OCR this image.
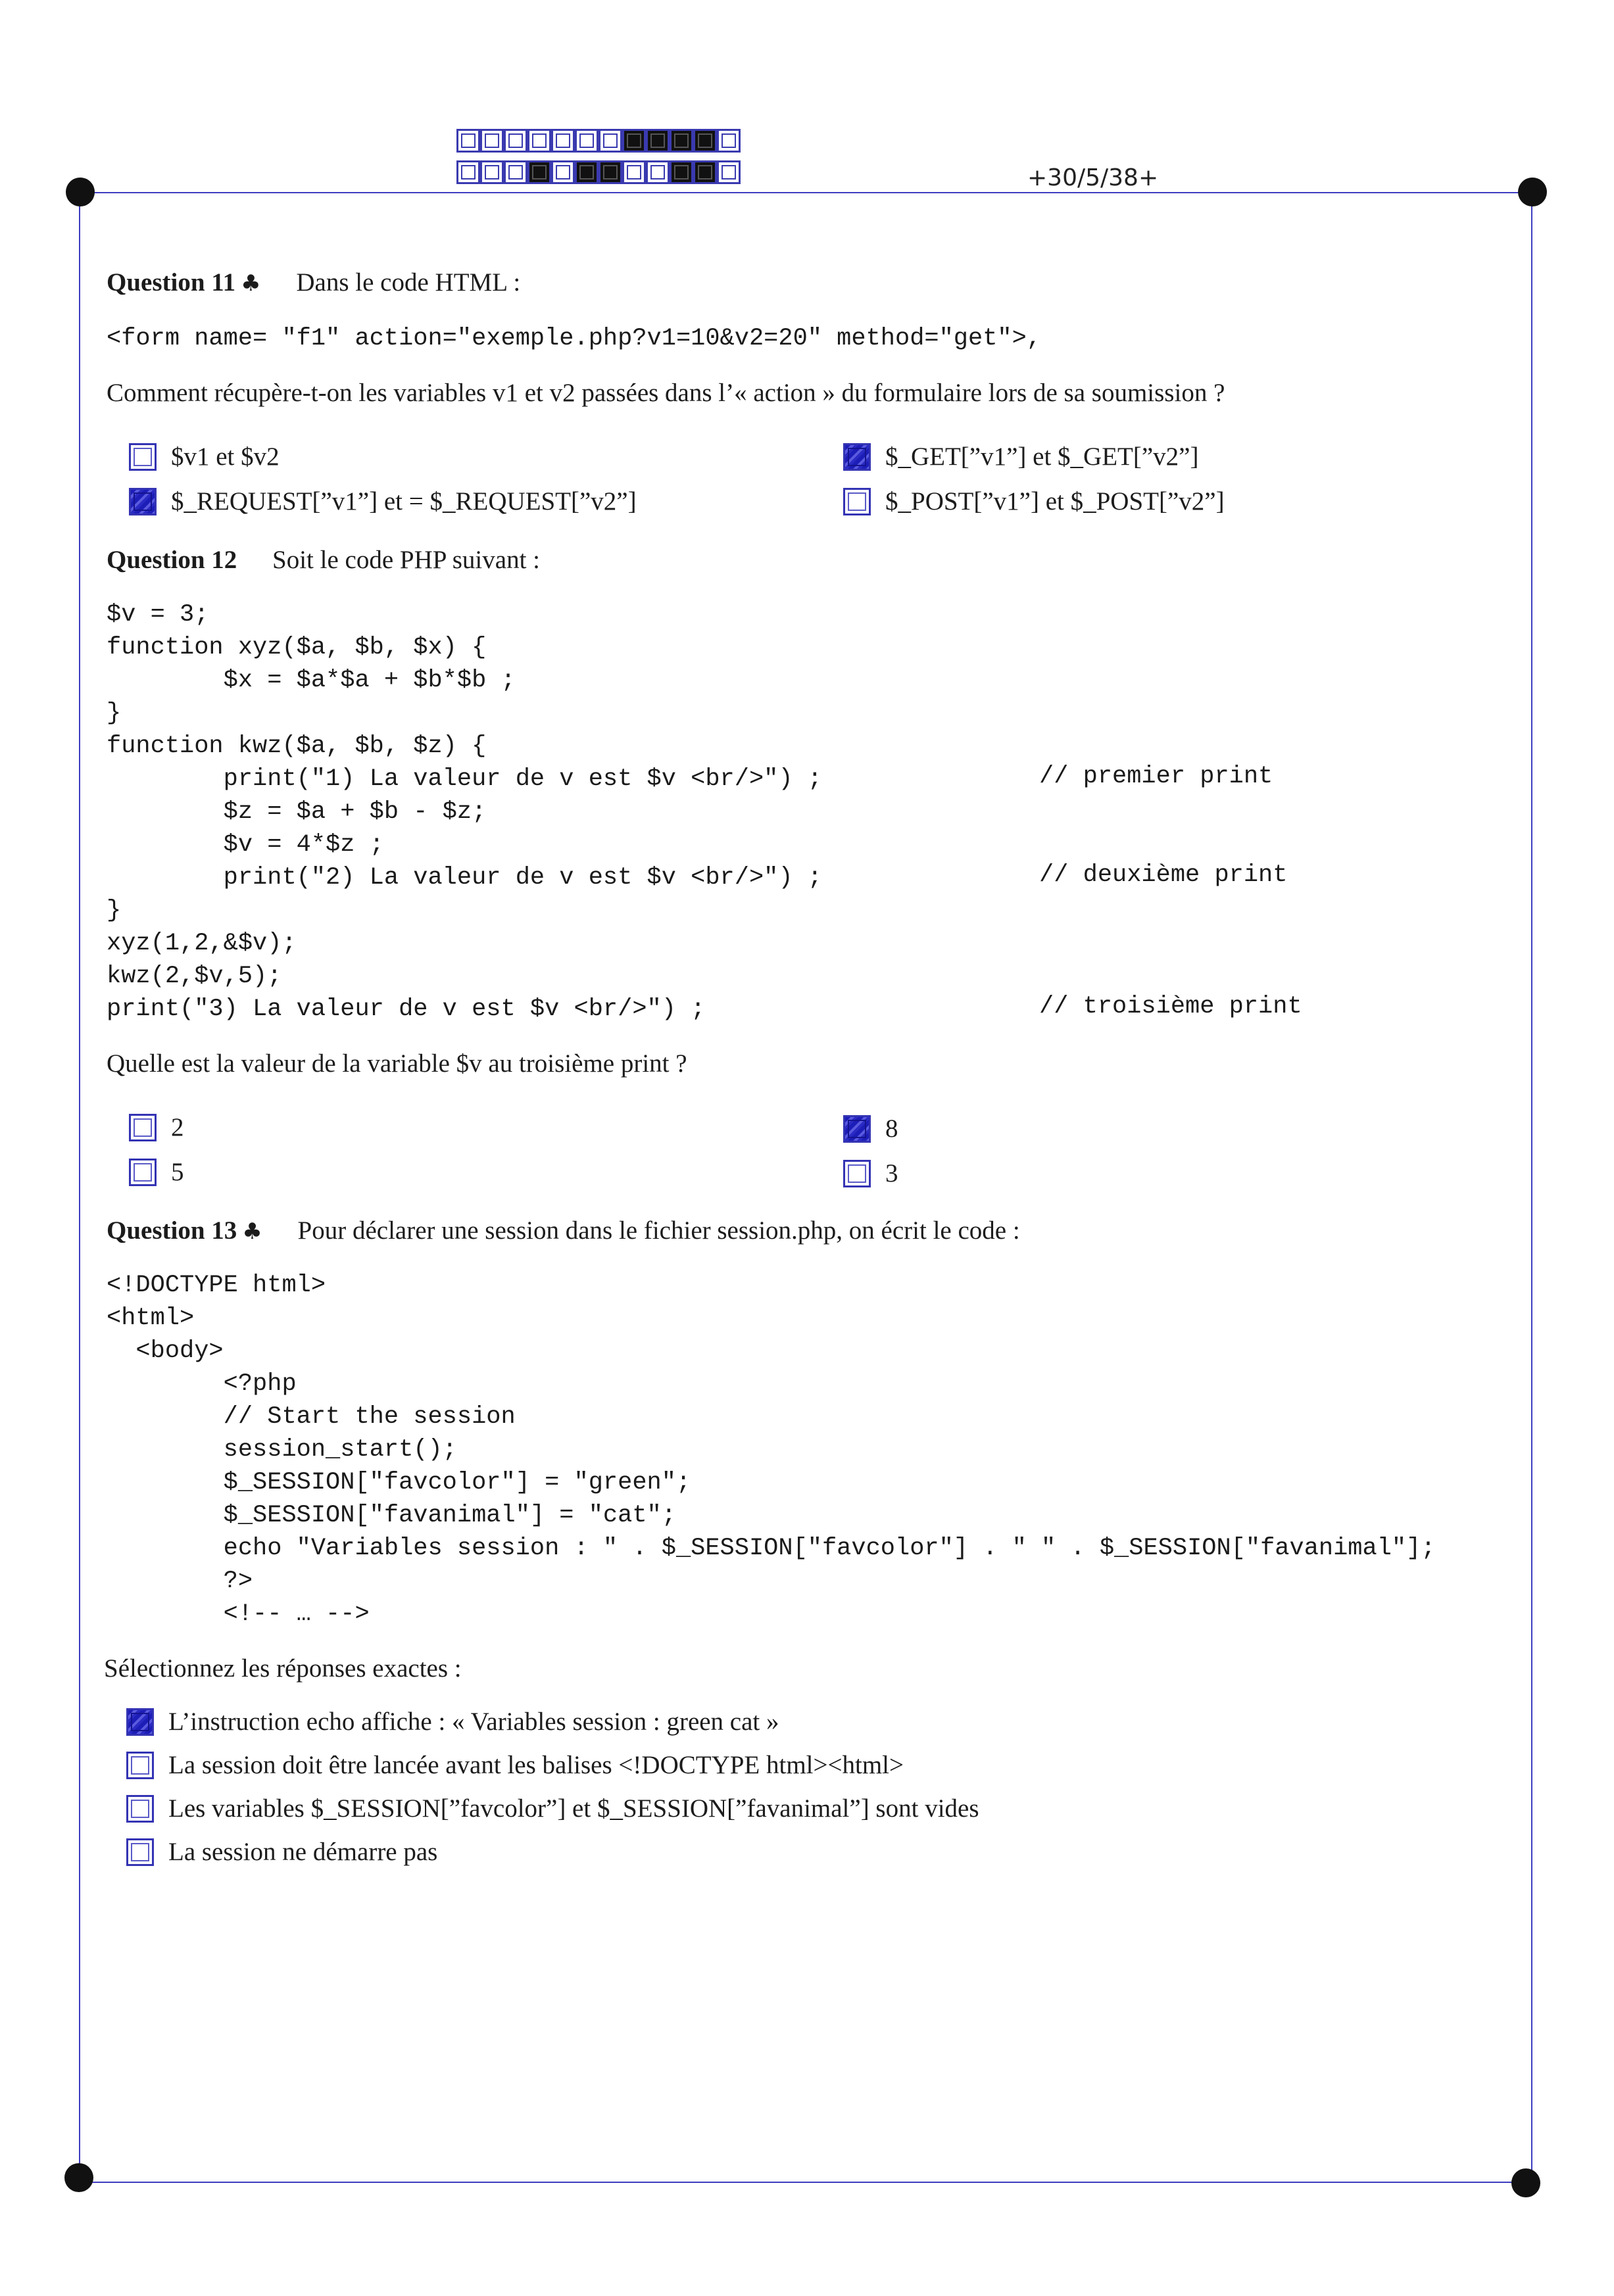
+30/5/38+
Question 11 ♣ Dans le code HTML :
<form name= "f1" action="exemple.php?v1=10&v2=20" method="get">,
Comment récupère-t-on les variables v1 et v2 passées dans l’« action » du formulaire lors de sa soumission ?
$v1 et $v2	$_GET[”v1”] et $_GET[”v2”]
$_REQUEST[”v1”] et = $_REQUEST[”v2”]	$_POST[”v1”] et $_POST[”v2”]
Question 12 Soit le code PHP suivant :
$v = 3;
function xyz($a, $b, $x) {
$x = $a*$a + $b*$b ;
}
function kwz($a, $b, $z) {
print("1) La valeur de v est $v <br/>") ;
$z = $a + $b - $z;
$v = 4*$z ;
print("2) La valeur de v est $v <br/>") ;
}
xyz(1,2,&$v);
kwz(2,$v,5);
print("3) La valeur de v est $v <br/>") ;
// premier print
// deuxième print
// troisième print
Quelle est la valeur de la variable $v au troisième print ?
2	8
5	3
Question 13 ♣ Pour déclarer une session dans le fichier session.php, on écrit le code :
<!DOCTYPE html>
<html>
<body>
<?php
// Start the session
session_start();
$_SESSION["favcolor"] = "green";
$_SESSION["favanimal"] = "cat";
echo "Variables session : " . $_SESSION["favcolor"] . " " . $_SESSION["favanimal"];
?>
<!-- … -->
Sélectionnez les réponses exactes :
L’instruction echo affiche : « Variables session : green cat »
La session doit être lancée avant les balises <!DOCTYPE html><html>
Les variables $_SESSION[”favcolor”] et $_SESSION[”favanimal”] sont vides
La session ne démarre pas
